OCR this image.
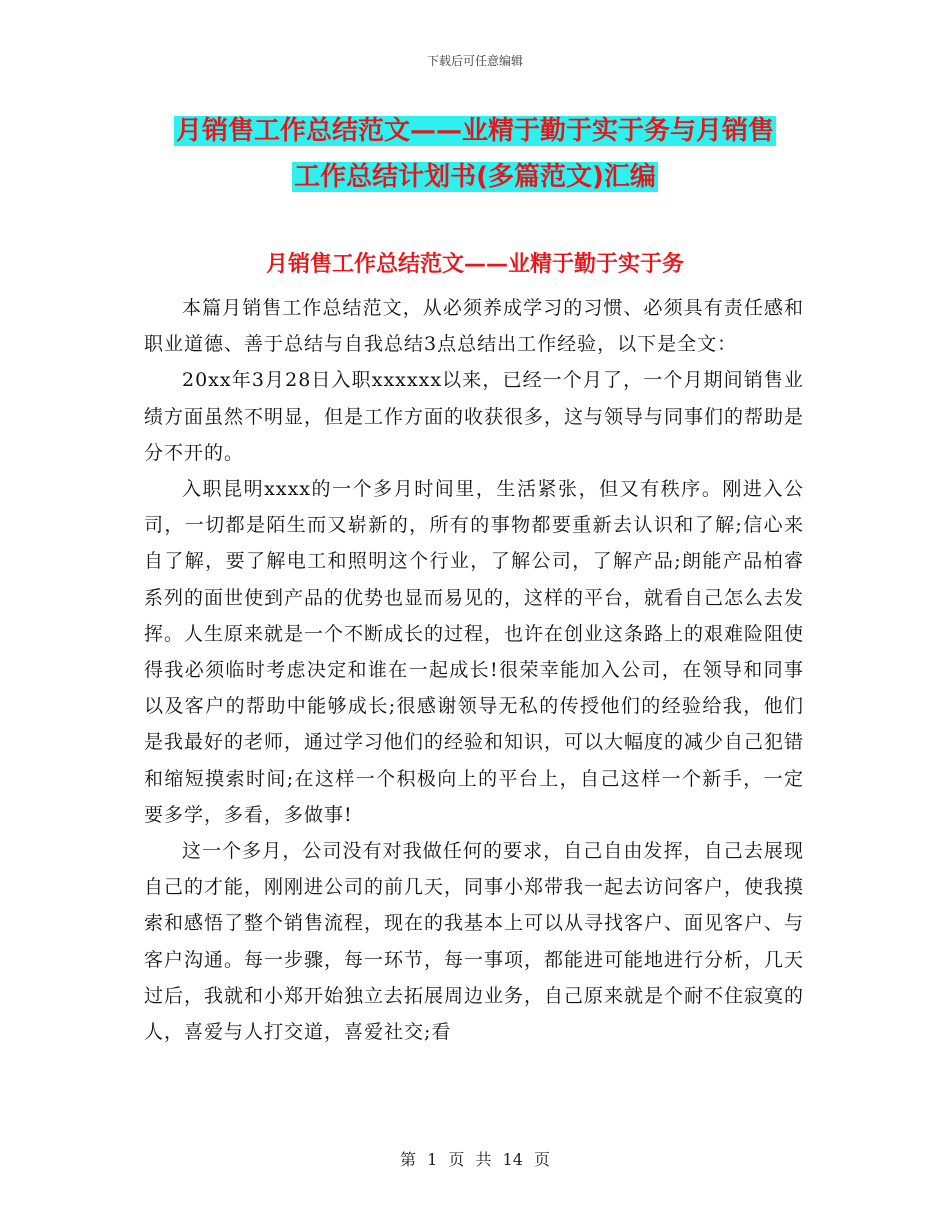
下载后可任意编辑
月销售工作总结范文——业精于勤于实于务与月销售
工作总结计划书(多篇范文)汇编
月销售工作总结范文——业精于勤于实于务

本篇月销售工作总结范文，从必须养成学习的习惯、必须具有责任感和职业道德、善于总结与自我总结3点总结出工作经验，以下是全文：

20xx年3月28日入职xxxxxx以来，已经一个月了，一个月期间销售业绩方面虽然不明显，但是工作方面的收获很多，这与领导与同事们的帮助是分不开的。

入职昆明xxxx的一个多月时间里，生活紧张，但又有秩序。刚进入公司，一切都是陌生而又崭新的，所有的事物都要重新去认识和了解;信心来自了解，要了解电工和照明这个行业，了解公司，了解产品;朗能产品柏睿系列的面世使到产品的优势也显而易见的，这样的平台，就看自己怎么去发挥。人生原来就是一个不断成长的过程，也许在创业这条路上的艰难险阻使得我必须临时考虑决定和谁在一起成长!很荣幸能加入公司，在领导和同事以及客户的帮助中能够成长;很感谢领导无私的传授他们的经验给我，他们是我最好的老师，通过学习他们的经验和知识，可以大幅度的减少自己犯错和缩短摸索时间;在这样一个积极向上的平台上，自己这样一个新手，一定要多学，多看，多做事!

这一个多月，公司没有对我做任何的要求，自己自由发挥，自己去展现自己的才能，刚刚进公司的前几天，同事小郑带我一起去访问客户，使我摸索和感悟了整个销售流程，现在的我基本上可以从寻找客户、面见客户、与客户沟通。每一步骤，每一环节，每一事项，都能进可能地进行分析，几天过后，我就和小郑开始独立去拓展周边业务，自己原来就是个耐不住寂寞的人，喜爱与人打交道，喜爱社交;看

第 1 页 共 14 页
